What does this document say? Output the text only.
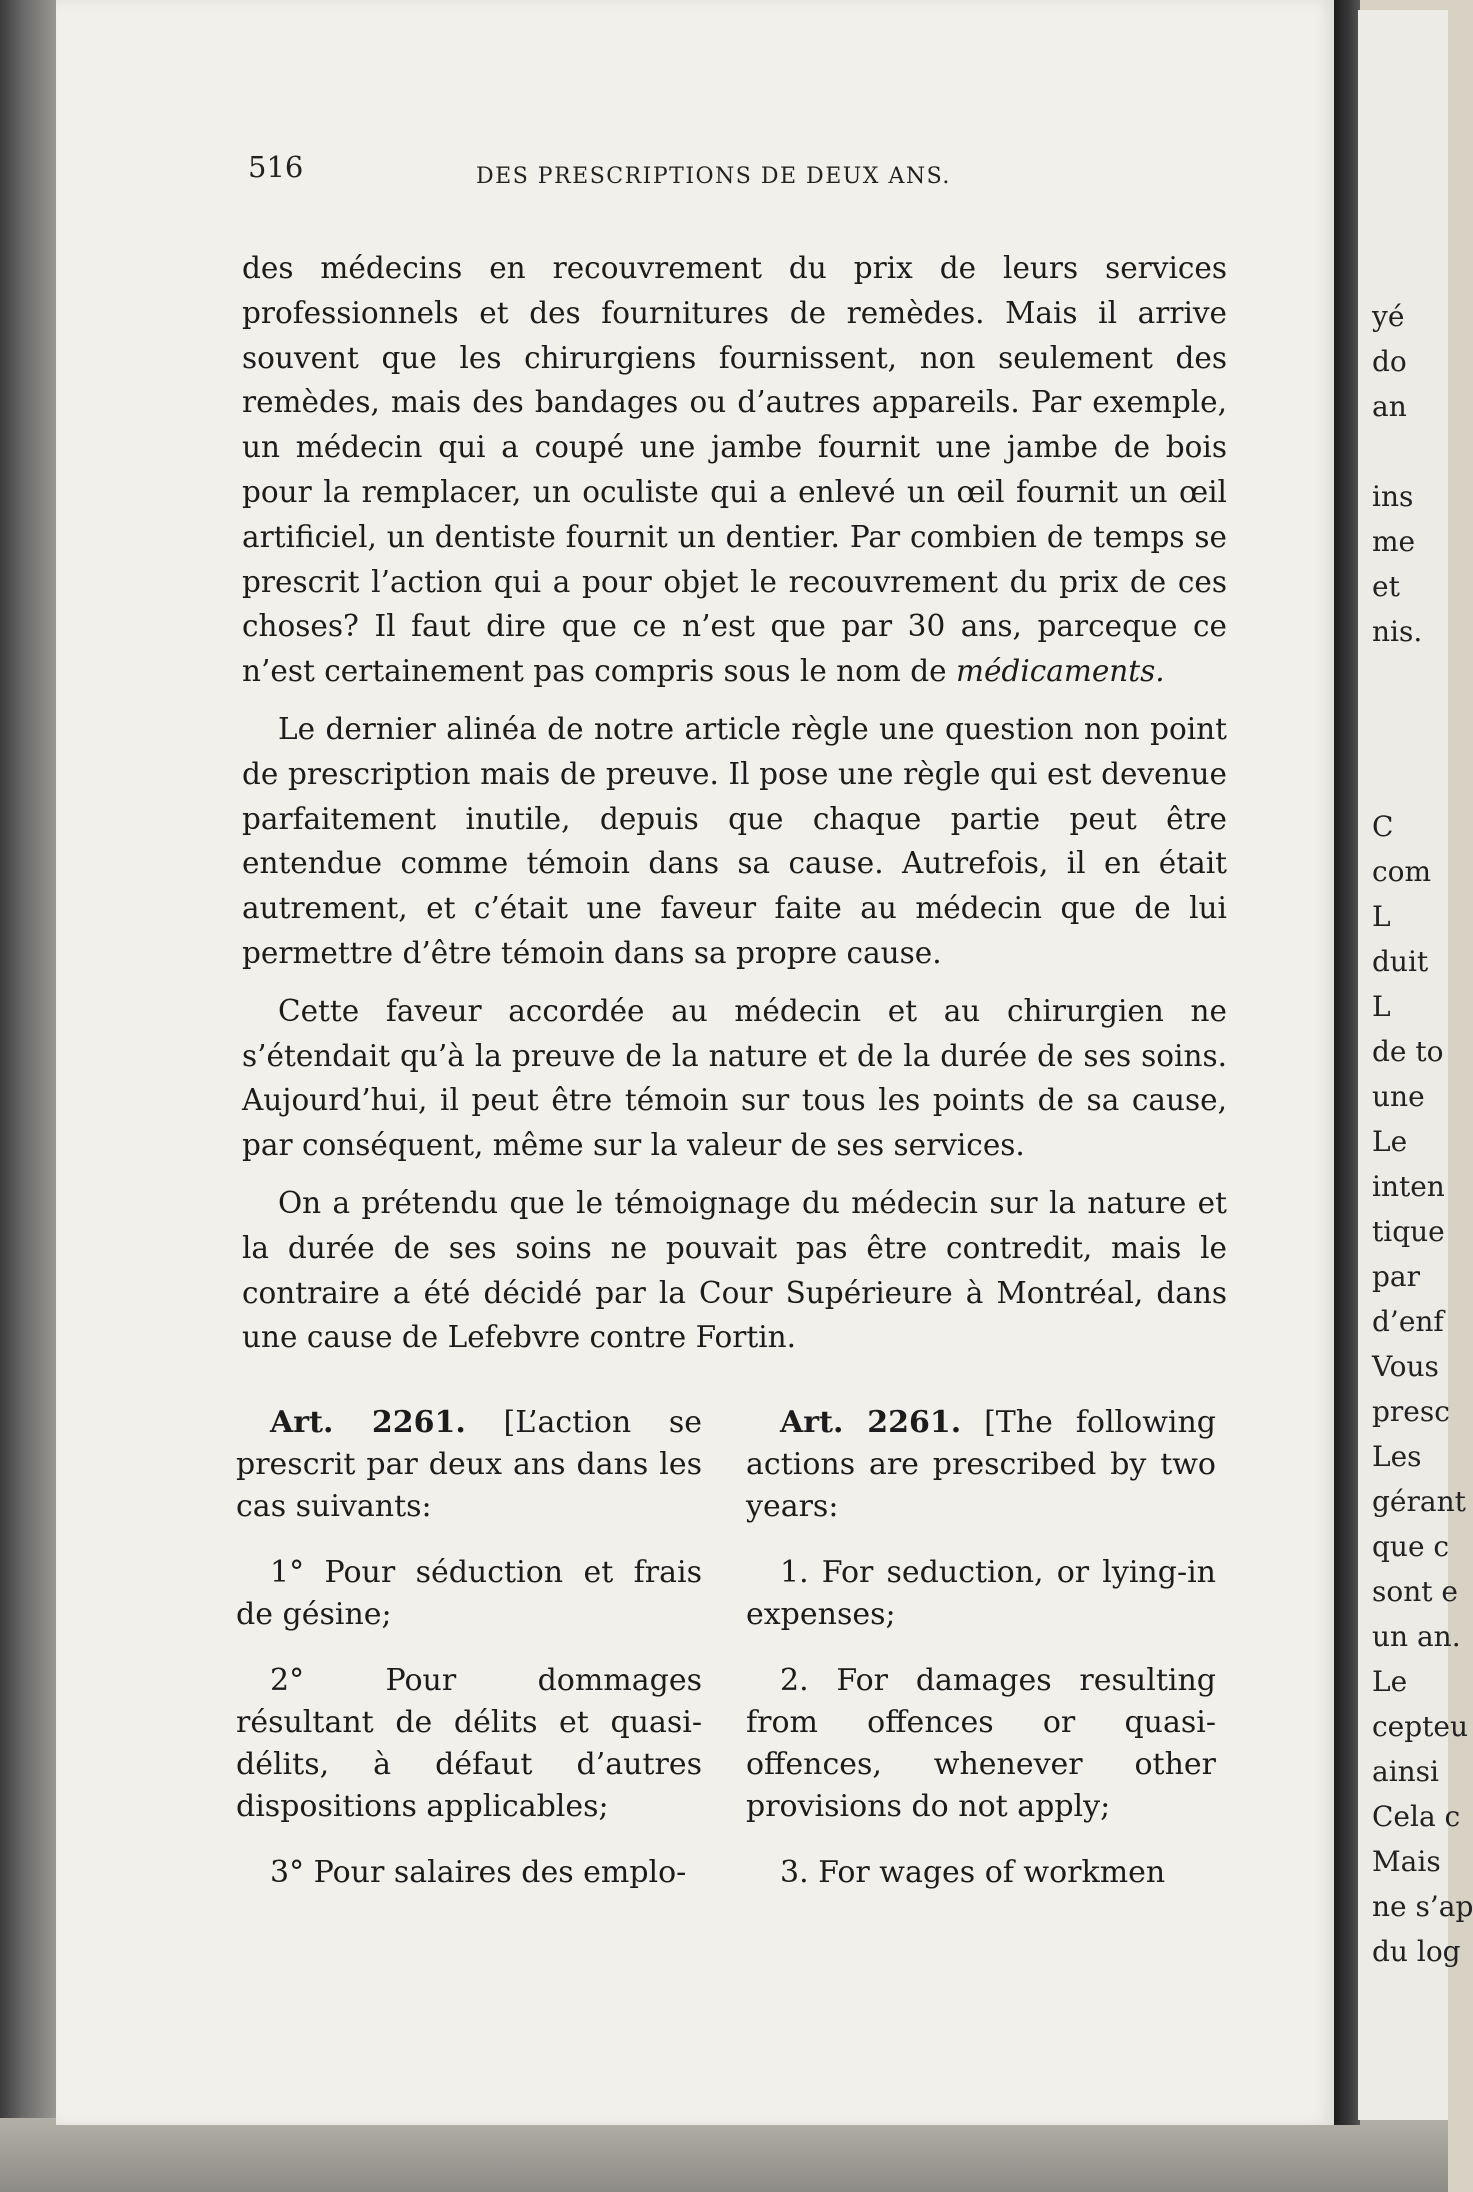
516	DES PRESCRIPTIONS DE DEUX ANS.

des médecins en recouvrement du prix de leurs services professionnels et des fournitures de remèdes. Mais il arrive souvent que les chirurgiens fournissent, non seulement des remèdes, mais des bandages ou d’autres appareils. Par exemple, un médecin qui a coupé une jambe fournit une jambe de bois pour la remplacer, un oculiste qui a enlevé un œil fournit un œil artificiel, un dentiste fournit un dentier. Par combien de temps se prescrit l’action qui a pour objet le recouvrement du prix de ces choses? Il faut dire que ce n’est que par 30 ans, parceque ce n’est certainement pas compris sous le nom de médicaments.

Le dernier alinéa de notre article règle une question non point de prescription mais de preuve. Il pose une règle qui est devenue parfaitement inutile, depuis que chaque partie peut être entendue comme témoin dans sa cause. Autrefois, il en était autrement, et c’était une faveur faite au médecin que de lui permettre d’être témoin dans sa propre cause.

Cette faveur accordée au médecin et au chirurgien ne s’étendait qu’à la preuve de la nature et de la durée de ses soins. Aujourd’hui, il peut être témoin sur tous les points de sa cause, par conséquent, même sur la valeur de ses services.

On a prétendu que le témoignage du médecin sur la nature et la durée de ses soins ne pouvait pas être contredit, mais le contraire a été décidé par la Cour Supérieure à Montréal, dans une cause de Lefebvre contre Fortin.

Art. 2261. [L’action se prescrit par deux ans dans les cas suivants:

1° Pour séduction et frais de gésine;

2° Pour dommages résultant de délits et quasi-délits, à défaut d’autres dispositions applicables;

3° Pour salaires des emplo-

Art. 2261. [The following actions are prescribed by two years:

1. For seduction, or lying-in expenses;

2. For damages resulting from offences or quasi-offences, whenever other provisions do not apply;

3. For wages of workmen

yé
do
an
ins
me
et
nis.
C
com
L
duit
L
de to
une
Le
inten
tique
par
d’enf
Vous
presc
Les
gérant
que c
sont e
un an.
Le
cepteu
ainsi
Cela c
Mais
ne s’ap
du log
